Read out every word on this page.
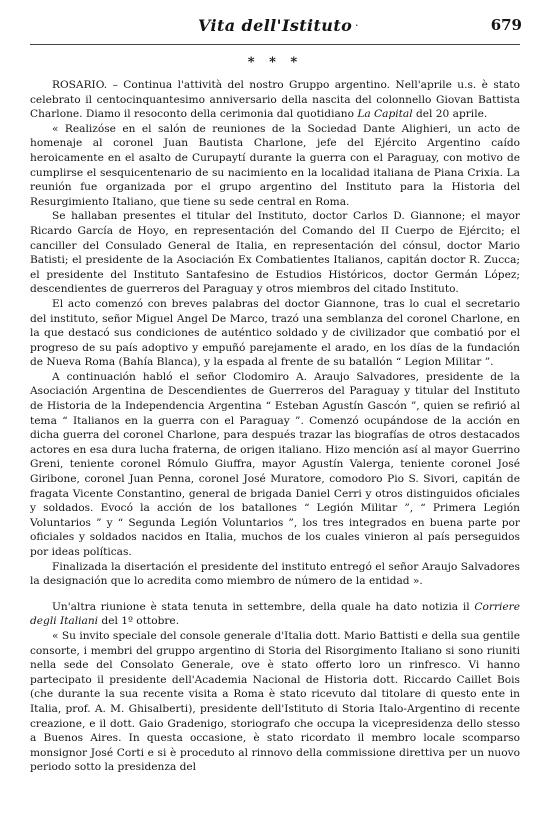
Vita dell'Istituto ·	679
* * *

ROSARIO. – Continua l'attività del nostro Gruppo argentino. Nell'aprile u.s. è stato celebrato il centocinquantesimo anniversario della nascita del colonnello Giovan Battista Charlone. Diamo il resoconto della cerimonia dal quotidiano La Capital del 20 aprile.

« Realizóse en el salón de reuniones de la Sociedad Dante Alighieri, un acto de homenaje al coronel Juan Bautista Charlone, jefe del Ejército Argentino caído heroicamente en el asalto de Curupaytí durante la guerra con el Paraguay, con motivo de cumplirse el sesquicentenario de su nacimiento en la localidad italiana de Piana Crixia. La reunión fue organizada por el grupo argentino del Instituto para la Historia del Resurgimiento Italiano, que tiene su sede central en Roma.

Se hallaban presentes el titular del Instituto, doctor Carlos D. Giannone; el mayor Ricardo García de Hoyo, en representación del Comando del II Cuerpo de Ejército; el canciller del Consulado General de Italia, en representación del cónsul, doctor Mario Batisti; el presidente de la Asociación Ex Combatientes Italianos, capitán doctor R. Zucca; el presidente del Instituto Santafesino de Estudios Históricos, doctor Germán López; descendientes de guerreros del Paraguay y otros miembros del citado Instituto.

El acto comenzó con breves palabras del doctor Giannone, tras lo cual el secretario del instituto, señor Miguel Angel De Marco, trazó una semblanza del coronel Charlone, en la que destacó sus condiciones de auténtico soldado y de civilizador que combatió por el progreso de su país adoptivo y empuñó parejamente el arado, en los días de la fundación de Nueva Roma (Bahía Blanca), y la espada al frente de su batallón “ Legion Militar ”.

A continuación habló el señor Clodomiro A. Araujo Salvadores, presidente de la Asociación Argentina de Descendientes de Guerreros del Paraguay y titular del Instituto de Historia de la Independencia Argentina “ Esteban Agustín Gascón ”, quien se refirió al tema “ Italianos en la guerra con el Paraguay ”. Comenzó ocupándose de la acción en dicha guerra del coronel Charlone, para después trazar las biografías de otros destacados actores en esa dura lucha fraterna, de origen italiano. Hizo mención así al mayor Guerrino Greni, teniente coronel Rómulo Giuffra, mayor Agustín Valerga, teniente coronel José Giribone, coronel Juan Penna, coronel José Muratore, comodoro Pio S. Sivori, capitán de fragata Vicente Constantino, general de brigada Daniel Cerri y otros distinguidos oficiales y soldados. Evocó la acción de los batallones “ Legión Militar ”, “ Primera Legión Voluntarios ” y “ Segunda Legión Voluntarios ”, los tres integrados en buena parte por oficiales y soldados nacidos en Italia, muchos de los cuales vinieron al país perseguidos por ideas políticas.

Finalizada la disertación el presidente del instituto entregó el señor Araujo Salvadores la designación que lo acredita como miembro de número de la entidad ».

Un'altra riunione è stata tenuta in settembre, della quale ha dato notizia il Corriere degli Italiani del 1º ottobre.

« Su invito speciale del console generale d'Italia dott. Mario Battisti e della sua gentile consorte, i membri del gruppo argentino di Storia del Risorgimento Italiano si sono riuniti nella sede del Consolato Generale, ove è stato offerto loro un rinfresco. Vi hanno partecipato il presidente dell'Academia Nacional de Historia dott. Riccardo Caillet Bois (che durante la sua recente visita a Roma è stato ricevuto dal titolare di questo ente in Italia, prof. A. M. Ghisalberti), presidente dell'Istituto di Storia Italo-Argentino di recente creazione, e il dott. Gaio Gradenigo, storiografo che occupa la vicepresidenza dello stesso a Buenos Aires. In questa occasione, è stato ricordato il membro locale scomparso monsignor José Corti e si è proceduto al rinnovo della commissione direttiva per un nuovo periodo sotto la presidenza del
